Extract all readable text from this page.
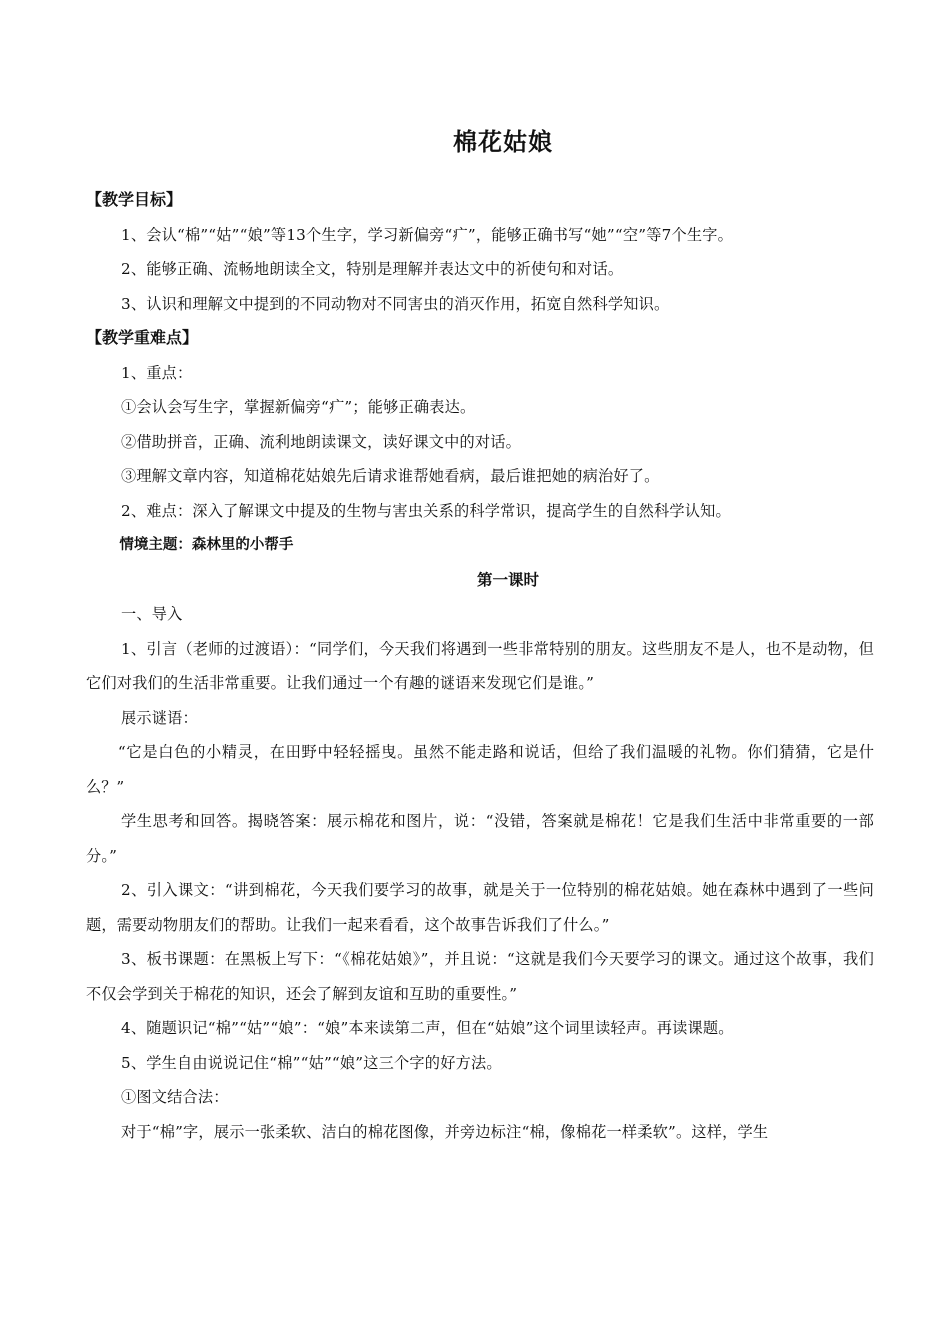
棉花姑娘

【教学目标】

1、会认“棉”“姑”“娘”等13个生字，学习新偏旁“疒”，能够正确书写“她”“空”等7个生字。

2、能够正确、流畅地朗读全文，特别是理解并表达文中的祈使句和对话。

3、认识和理解文中提到的不同动物对不同害虫的消灭作用，拓宽自然科学知识。

【教学重难点】

1、重点：

①会认会写生字，掌握新偏旁“疒”；能够正确表达。

②借助拼音，正确、流利地朗读课文，读好课文中的对话。

③理解文章内容，知道棉花姑娘先后请求谁帮她看病，最后谁把她的病治好了。

2、难点：深入了解课文中提及的生物与害虫关系的科学常识，提高学生的自然科学认知。

情境主题：森林里的小帮手

第一课时

一、导入

1、引言（老师的过渡语）：“同学们，今天我们将遇到一些非常特别的朋友。这些朋友不是人，也不是动物，但它们对我们的生活非常重要。让我们通过一个有趣的谜语来发现它们是谁。”

展示谜语：

“它是白色的小精灵，在田野中轻轻摇曳。虽然不能走路和说话，但给了我们温暖的礼物。你们猜猜，它是什么？”

学生思考和回答。揭晓答案：展示棉花和图片，说：“没错，答案就是棉花！它是我们生活中非常重要的一部分。”

2、引入课文：“讲到棉花，今天我们要学习的故事，就是关于一位特别的棉花姑娘。她在森林中遇到了一些问题，需要动物朋友们的帮助。让我们一起来看看，这个故事告诉我们了什么。”

3、板书课题：在黑板上写下：“《棉花姑娘》”，并且说：“这就是我们今天要学习的课文。通过这个故事，我们不仅会学到关于棉花的知识，还会了解到友谊和互助的重要性。”

4、随题识记“棉”“姑”“娘”：“娘”本来读第二声，但在“姑娘”这个词里读轻声。再读课题。

5、学生自由说说记住“棉”“姑”“娘”这三个字的好方法。

①图文结合法：

对于“棉”字，展示一张柔软、洁白的棉花图像，并旁边标注“棉，像棉花一样柔软”。这样，学生
